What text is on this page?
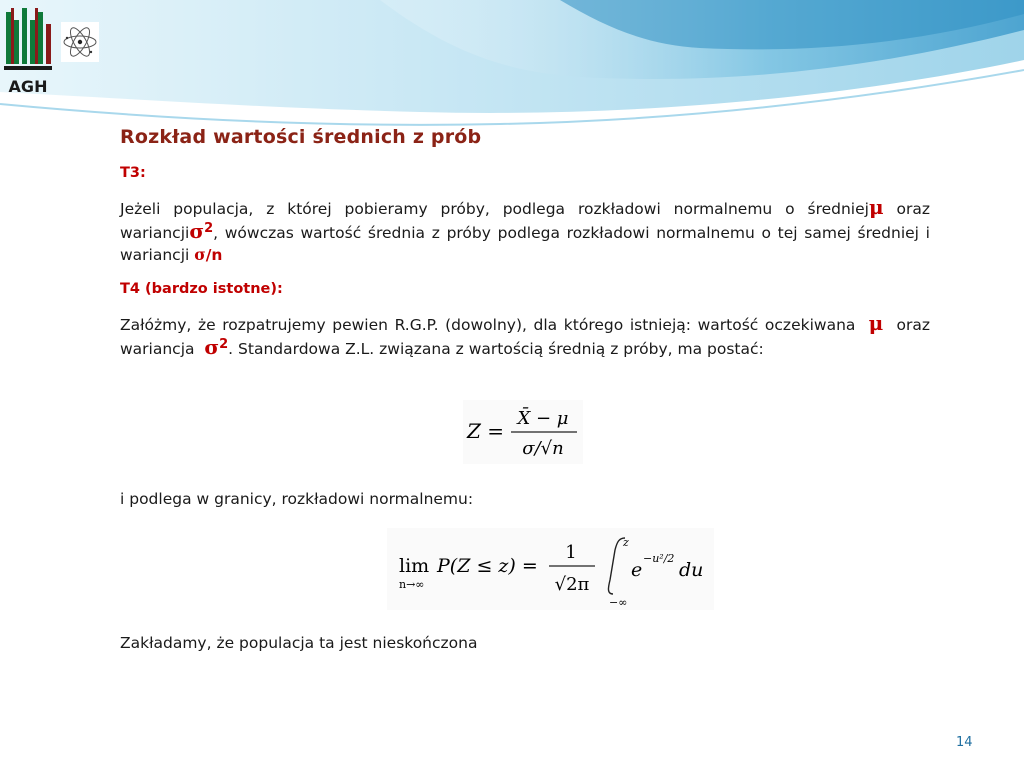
AGH
Rozkład wartości średnich z prób
T3:
Jeżeli populacja, z której pobieramy próby, podlega rozkładowi normalnemu o średniejμ oraz wariancjiσ$^2$, wówczas wartość średnia z próby podlega rozkładowi normalnemu o tej samej średniej i wariancji σ/n
T4 (bardzo istotne):
Załóżmy, że rozpatrujemy pewien R.G.P. (dowolny), dla którego istnieją: wartość oczekiwana μ oraz wariancja $\sigma^2$. Standardowa Z.L. związana z wartością średnią z próby, ma postać:
Z =
X̄ − μ
σ/√n
i podlega w granicy, rozkładowi normalnemu:
lim
n→∞
P(Z ≤ z) =
1
√2π
z
−∞
e
−u²/2
du
Zakładamy, że populacja ta jest nieskończona
14
